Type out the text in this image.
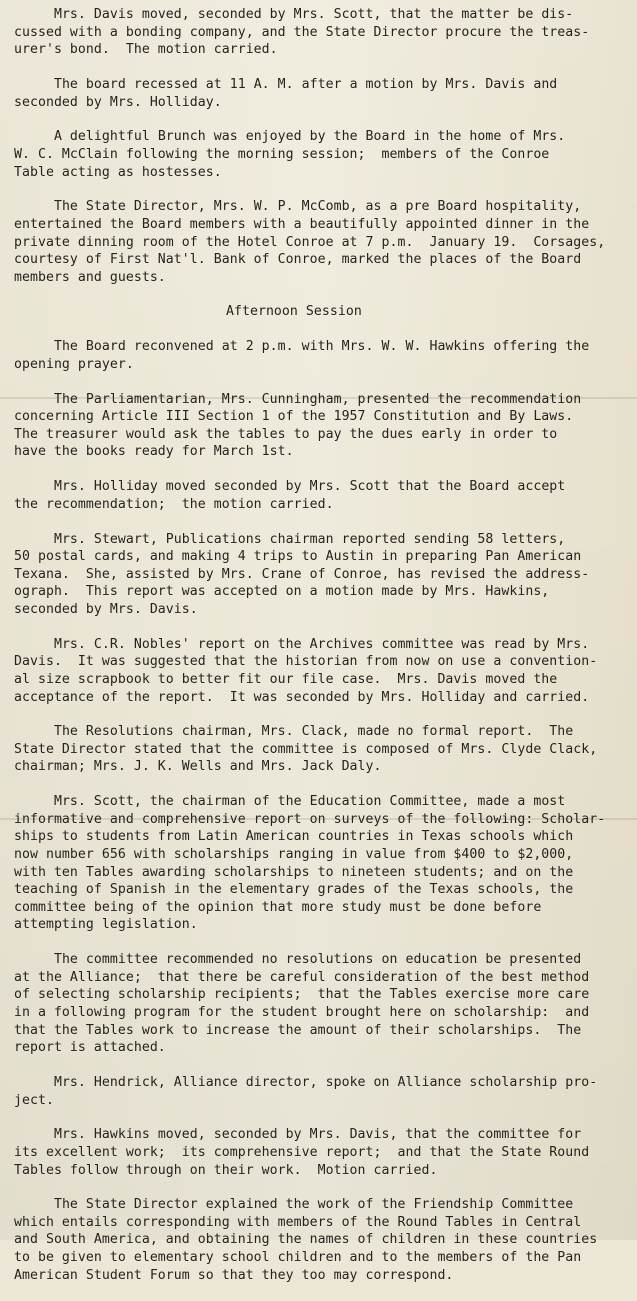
Mrs. Davis moved, seconded by Mrs. Scott, that the matter be dis-
cussed with a bonding company, and the State Director procure the treas-
urer's bond.  The motion carried.

The board recessed at 11 A. M. after a motion by Mrs. Davis and
seconded by Mrs. Holliday.

A delightful Brunch was enjoyed by the Board in the home of Mrs.
W. C. McClain following the morning session;  members of the Conroe
Table acting as hostesses.

The State Director, Mrs. W. P. McComb, as a pre Board hospitality,
entertained the Board members with a beautifully appointed dinner in the
private dinning room of the Hotel Conroe at 7 p.m.  January 19.  Corsages,
courtesy of First Nat'l. Bank of Conroe, marked the places of the Board
members and guests.

Afternoon Session

The Board reconvened at 2 p.m. with Mrs. W. W. Hawkins offering the
opening prayer.

The Parliamentarian, Mrs. Cunningham, presented the recommendation
concerning Article III Section 1 of the 1957 Constitution and By Laws.
The treasurer would ask the tables to pay the dues early in order to
have the books ready for March 1st.

Mrs. Holliday moved seconded by Mrs. Scott that the Board accept
the recommendation;  the motion carried.

Mrs. Stewart, Publications chairman reported sending 58 letters,
50 postal cards, and making 4 trips to Austin in preparing Pan American
Texana.  She, assisted by Mrs. Crane of Conroe, has revised the address-
ograph.  This report was accepted on a motion made by Mrs. Hawkins,
seconded by Mrs. Davis.

Mrs. C.R. Nobles' report on the Archives committee was read by Mrs.
Davis.  It was suggested that the historian from now on use a convention-
al size scrapbook to better fit our file case.  Mrs. Davis moved the
acceptance of the report.  It was seconded by Mrs. Holliday and carried.

The Resolutions chairman, Mrs. Clack, made no formal report.  The
State Director stated that the committee is composed of Mrs. Clyde Clack,
chairman; Mrs. J. K. Wells and Mrs. Jack Daly.

Mrs. Scott, the chairman of the Education Committee, made a most
informative and comprehensive report on surveys of the following: Scholar-
ships to students from Latin American countries in Texas schools which
now number 656 with scholarships ranging in value from $400 to $2,000,
with ten Tables awarding scholarships to nineteen students; and on the
teaching of Spanish in the elementary grades of the Texas schools, the
committee being of the opinion that more study must be done before
attempting legislation.

The committee recommended no resolutions on education be presented
at the Alliance;  that there be careful consideration of the best method
of selecting scholarship recipients;  that the Tables exercise more care
in a following program for the student brought here on scholarship:  and
that the Tables work to increase the amount of their scholarships.  The
report is attached.

Mrs. Hendrick, Alliance director, spoke on Alliance scholarship pro-
ject.

Mrs. Hawkins moved, seconded by Mrs. Davis, that the committee for
its excellent work;  its comprehensive report;  and that the State Round
Tables follow through on their work.  Motion carried.

The State Director explained the work of the Friendship Committee
which entails corresponding with members of the Round Tables in Central
and South America, and obtaining the names of children in these countries
to be given to elementary school children and to the members of the Pan
American Student Forum so that they too may correspond.
